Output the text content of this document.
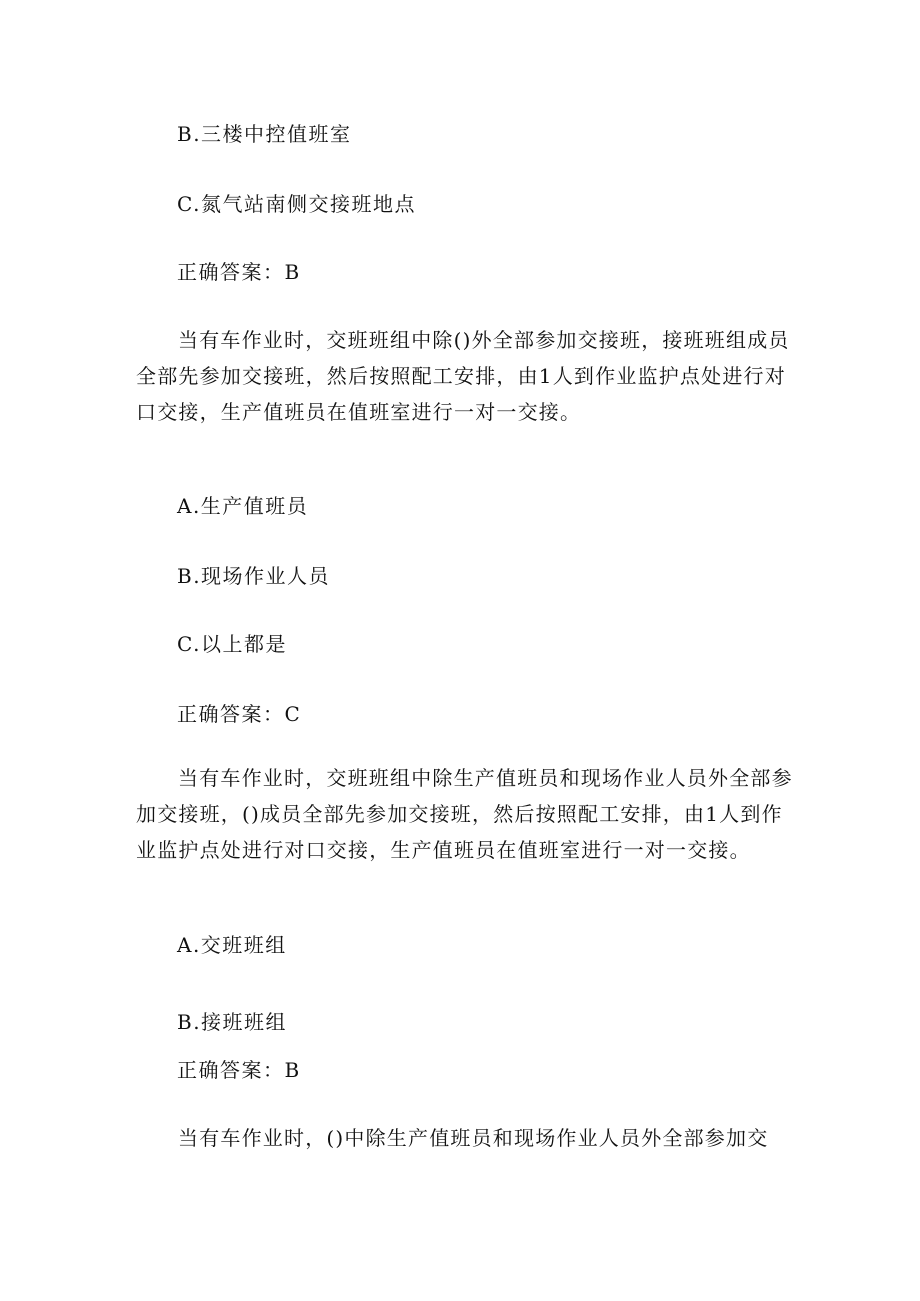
B.三楼中控值班室
C.氮气站南侧交接班地点
正确答案：B
当有车作业时，交班班组中除()外全部参加交接班，接班班组成员全部先参加交接班，然后按照配工安排，由1人到作业监护点处进行对口交接，生产值班员在值班室进行一对一交接。
A.生产值班员
B.现场作业人员
C.以上都是
正确答案：C
当有车作业时，交班班组中除生产值班员和现场作业人员外全部参加交接班，()成员全部先参加交接班，然后按照配工安排，由1人到作业监护点处进行对口交接，生产值班员在值班室进行一对一交接。
A.交班班组
B.接班班组
正确答案：B
当有车作业时，()中除生产值班员和现场作业人员外全部参加交
